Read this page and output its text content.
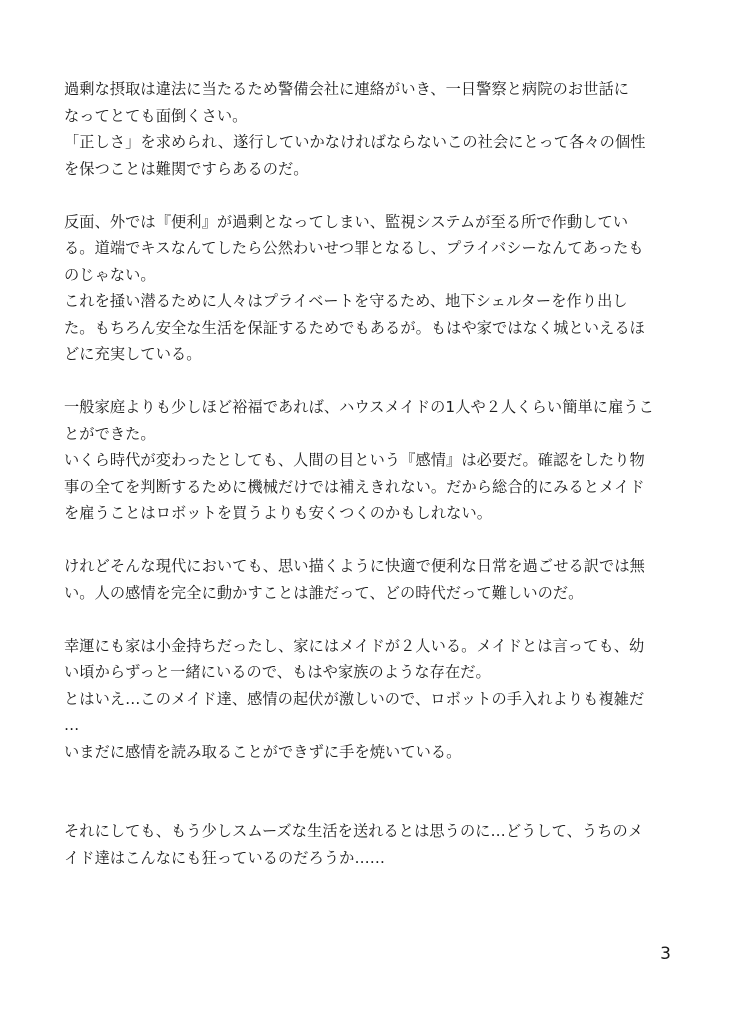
過剰な摂取は違法に当たるため警備会社に連絡がいき、一日警察と病院のお世話に
なってとても面倒くさい。
「正しさ」を求められ、遂行していかなければならないこの社会にとって各々の個性
を保つことは難関ですらあるのだ。
反面、外では『便利』が過剰となってしまい、監視システムが至る所で作動してい
る。道端でキスなんてしたら公然わいせつ罪となるし、プライバシーなんてあったも
のじゃない。
これを掻い潜るために人々はプライベートを守るため、地下シェルターを作り出し
た。もちろん安全な生活を保証するためでもあるが。もはや家ではなく城といえるほ
どに充実している。
一般家庭よりも少しほど裕福であれば、ハウスメイドの1人や２人くらい簡単に雇うこ
とができた。
いくら時代が変わったとしても、人間の目という『感情』は必要だ。確認をしたり物
事の全てを判断するために機械だけでは補えきれない。だから総合的にみるとメイド
を雇うことはロボットを買うよりも安くつくのかもしれない。
けれどそんな現代においても、思い描くように快適で便利な日常を過ごせる訳では無
い。人の感情を完全に動かすことは誰だって、どの時代だって難しいのだ。
幸運にも家は小金持ちだったし、家にはメイドが２人いる。メイドとは言っても、幼
い頃からずっと一緒にいるので、もはや家族のような存在だ。
とはいえ…このメイド達、感情の起伏が激しいので、ロボットの手入れよりも複雑だ
…
いまだに感情を読み取ることができずに手を焼いている。
それにしても、もう少しスムーズな生活を送れるとは思うのに…どうして、うちのメ
イド達はこんなにも狂っているのだろうか……
3
